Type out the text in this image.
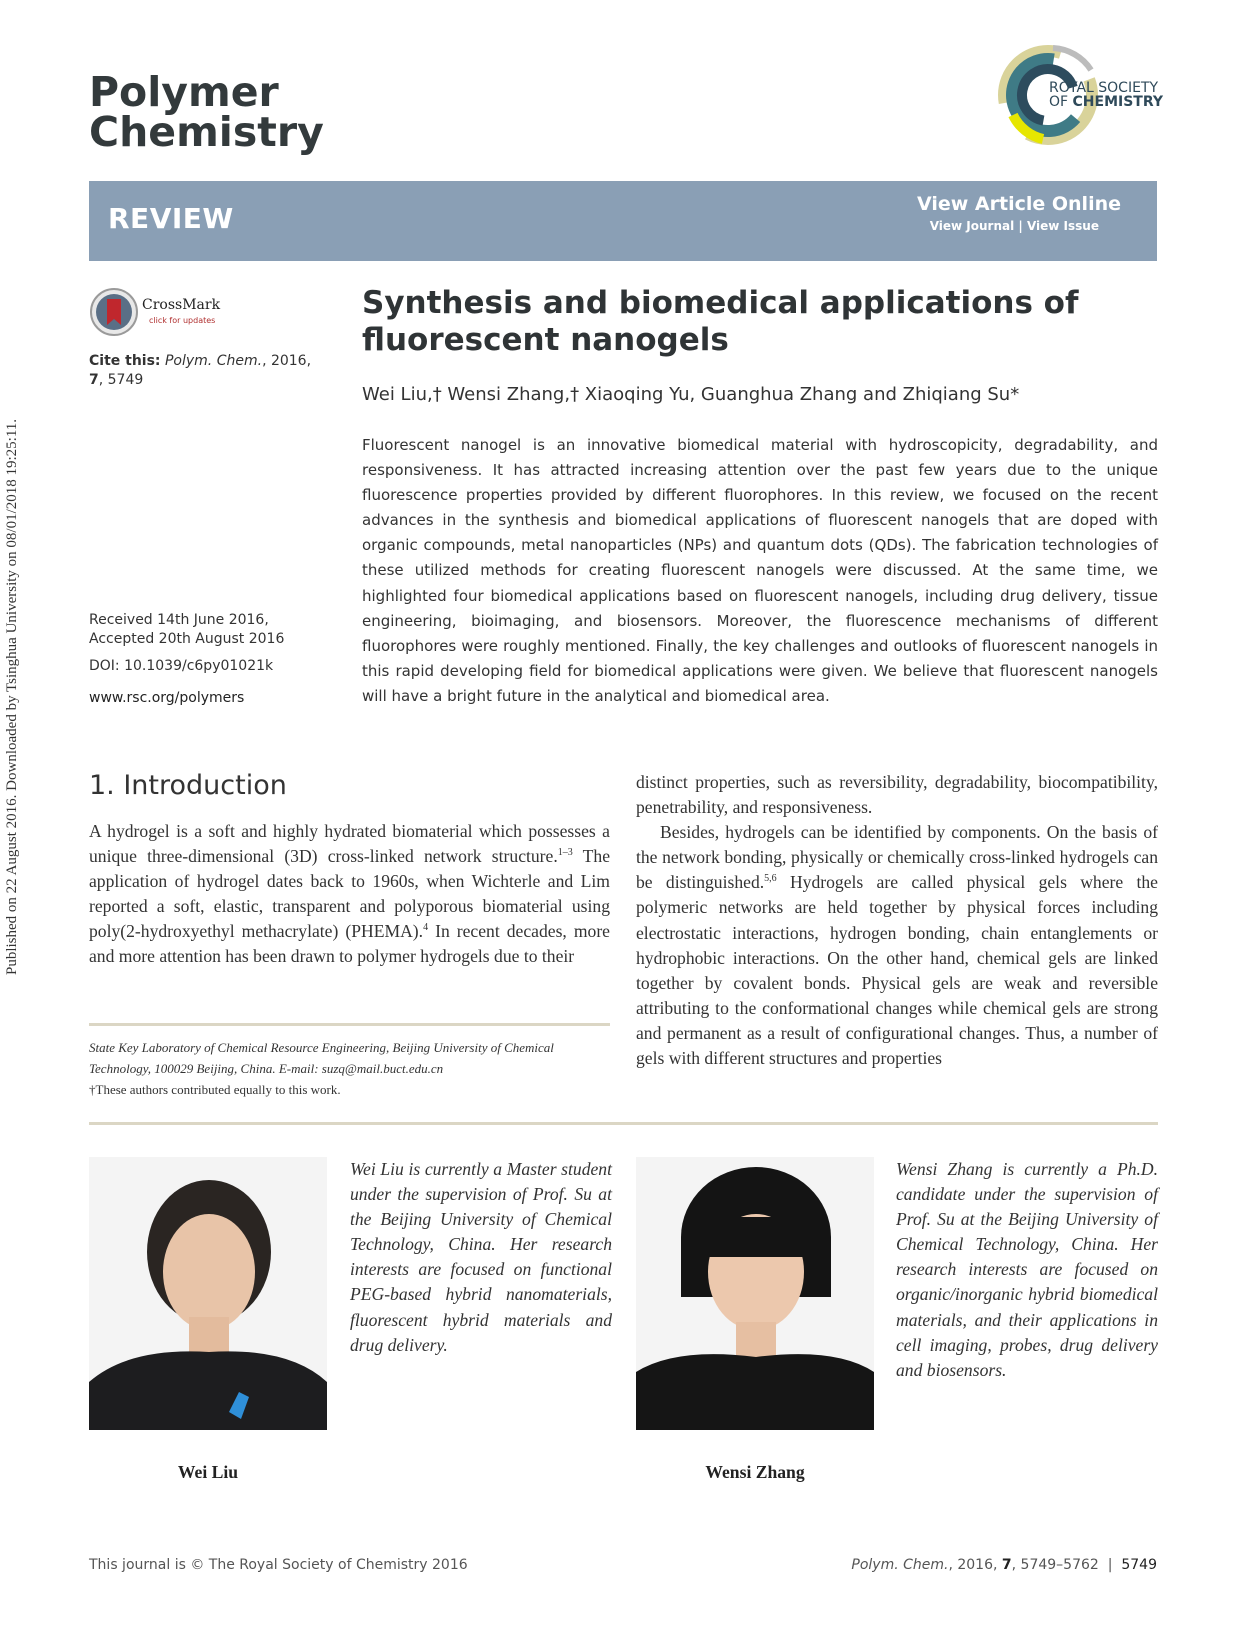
Published on 22 August 2016. Downloaded by Tsinghua University on 08/01/2018 19:25:11.
Polymer
Chemistry
ROYAL SOCIETY
OF CHEMISTRY
REVIEW	View Article Online
View Journal | View Issue
CrossMark
click for updates
Cite this: Polym. Chem., 2016, 7, 5749
Received 14th June 2016,
Accepted 20th August 2016
DOI: 10.1039/c6py01021k
www.rsc.org/polymers
Synthesis and biomedical applications of fluorescent nanogels
Wei Liu,† Wensi Zhang,† Xiaoqing Yu, Guanghua Zhang and Zhiqiang Su*
Fluorescent nanogel is an innovative biomedical material with hydroscopicity, degradability, and responsiveness. It has attracted increasing attention over the past few years due to the unique fluorescence properties provided by different fluorophores. In this review, we focused on the recent advances in the synthesis and biomedical applications of fluorescent nanogels that are doped with organic compounds, metal nanoparticles (NPs) and quantum dots (QDs). The fabrication technologies of these utilized methods for creating fluorescent nanogels were discussed. At the same time, we highlighted four biomedical applications based on fluorescent nanogels, including drug delivery, tissue engineering, bioimaging, and biosensors. Moreover, the fluorescence mechanisms of different fluorophores were roughly mentioned. Finally, the key challenges and outlooks of fluorescent nanogels in this rapid developing field for biomedical applications were given. We believe that fluorescent nanogels will have a bright future in the analytical and biomedical area.
1. Introduction
A hydrogel is a soft and highly hydrated biomaterial which possesses a unique three-dimensional (3D) cross-linked network structure.$^{1-3}$ The application of hydrogel dates back to 1960s, when Wichterle and Lim reported a soft, elastic, transparent and polyporous biomaterial using poly(2-hydroxyethyl methacrylate) (PHEMA).$^4$ In recent decades, more and more attention has been drawn to polymer hydrogels due to their

distinct properties, such as reversibility, degradability, biocompatibility, penetrability, and responsiveness.

Besides, hydrogels can be identified by components. On the basis of the network bonding, physically or chemically cross-linked hydrogels can be distinguished.$^{5,6}$ Hydrogels are called physical gels where the polymeric networks are held together by physical forces including electrostatic interactions, hydrogen bonding, chain entanglements or hydrophobic interactions. On the other hand, chemical gels are linked together by covalent bonds. Physical gels are weak and reversible attributing to the conformational changes while chemical gels are strong and permanent as a result of configurational changes. Thus, a number of gels with different structures and properties

State Key Laboratory of Chemical Resource Engineering, Beijing University of Chemical Technology, 100029 Beijing, China. E-mail: suzq@mail.buct.edu.cn
†These authors contributed equally to this work.
Wei Liu is currently a Master student under the supervision of Prof. Su at the Beijing University of Chemical Technology, China. Her research interests are focused on functional PEG-based hybrid nanomaterials, fluorescent hybrid materials and drug delivery.
Wensi Zhang is currently a Ph.D. candidate under the supervision of Prof. Su at the Beijing University of Chemical Technology, China. Her research interests are focused on organic/inorganic hybrid biomedical materials, and their applications in cell imaging, probes, drug delivery and biosensors.
Wei Liu	Wensi Zhang
This journal is © The Royal Society of Chemistry 2016	Polym. Chem., 2016, 7, 5749–5762  |  5749
